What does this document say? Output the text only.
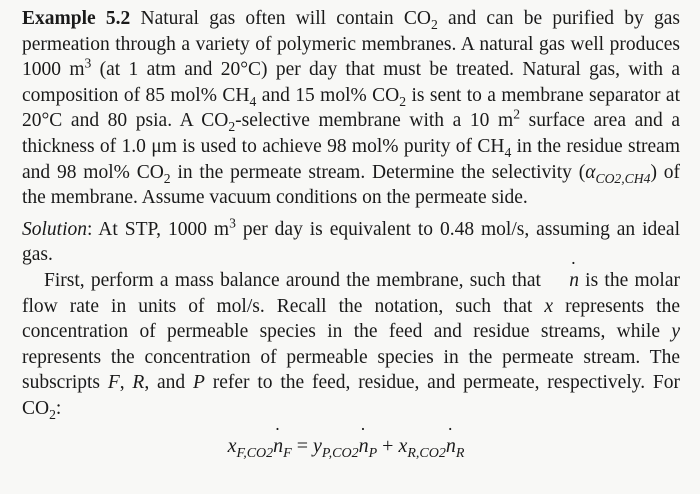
Example 5.2 Natural gas often will contain $CO_2$ and can be purified by gas permeation through a variety of polymeric membranes. A natural gas well produces 1000 $m^3$ (at 1 atm and 20°C) per day that must be treated. Natural gas, with a composition of 85 mol% $CH_4$ and 15 mol% $CO_2$ is sent to a membrane separator at 20°C and 80 psia. A $CO_2$-selective membrane with a 10 $m^2$ surface area and a thickness of 1.0 μm is used to achieve 98 mol% purity of $CH_4$ in the residue stream and 98 mol% $CO_2$ in the permeate stream. Determine the selectivity $(\alpha_{CO2,CH4})$ of the membrane. Assume vacuum conditions on the permeate side.

Solution: At STP, 1000 $m^3$ per day is equivalent to 0.48 mol/s, assuming an ideal gas.

First, perform a mass balance around the membrane, such that n ˙ is the molar flow rate in units of mol/s. Recall the notation, such that x represents the concentration of permeable species in the feed and residue streams, while y represents the concentration of permeable species in the permeate stream. The subscripts F, R, and P refer to the feed, residue, and permeate, respectively. For $CO_2$:

$x_{F,CO2}n$ $˙_F = y_{P,CO2}n$ $˙_P + x_{R,CO2}n$ $˙_R$
